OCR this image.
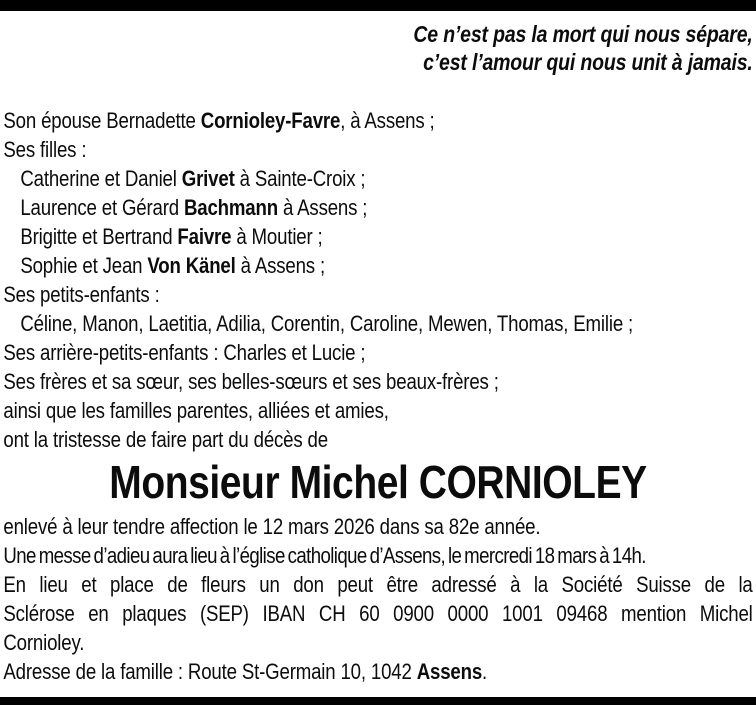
Ce n’est pas la mort qui nous sépare,
c’est l’amour qui nous unit à jamais.
Son épouse Bernadette Cornioley-Favre, à Assens ;
Ses filles :
Catherine et Daniel Grivet à Sainte-Croix ;
Laurence et Gérard Bachmann à Assens ;
Brigitte et Bertrand Faivre à Moutier ;
Sophie et Jean Von Känel à Assens ;
Ses petits-enfants :
Céline, Manon, Laetitia, Adilia, Corentin, Caroline, Mewen, Thomas, Emilie ;
Ses arrière-petits-enfants : Charles et Lucie ;
Ses frères et sa sœur, ses belles-sœurs et ses beaux-frères ;
ainsi que les familles parentes, alliées et amies,
ont la tristesse de faire part du décès de
Monsieur Michel CORNIOLEY
enlevé à leur tendre affection le 12 mars 2026 dans sa 82e année.
Une messe d’adieu aura lieu à l’église catholique d’Assens, le mercredi 18 mars à 14h.
En lieu et place de fleurs un don peut être adressé à la Société Suisse de la
Sclérose en plaques (SEP) IBAN CH 60 0900 0000 1001 09468 mention Michel
Cornioley.
Adresse de la famille : Route St-Germain 10, 1042 Assens.
